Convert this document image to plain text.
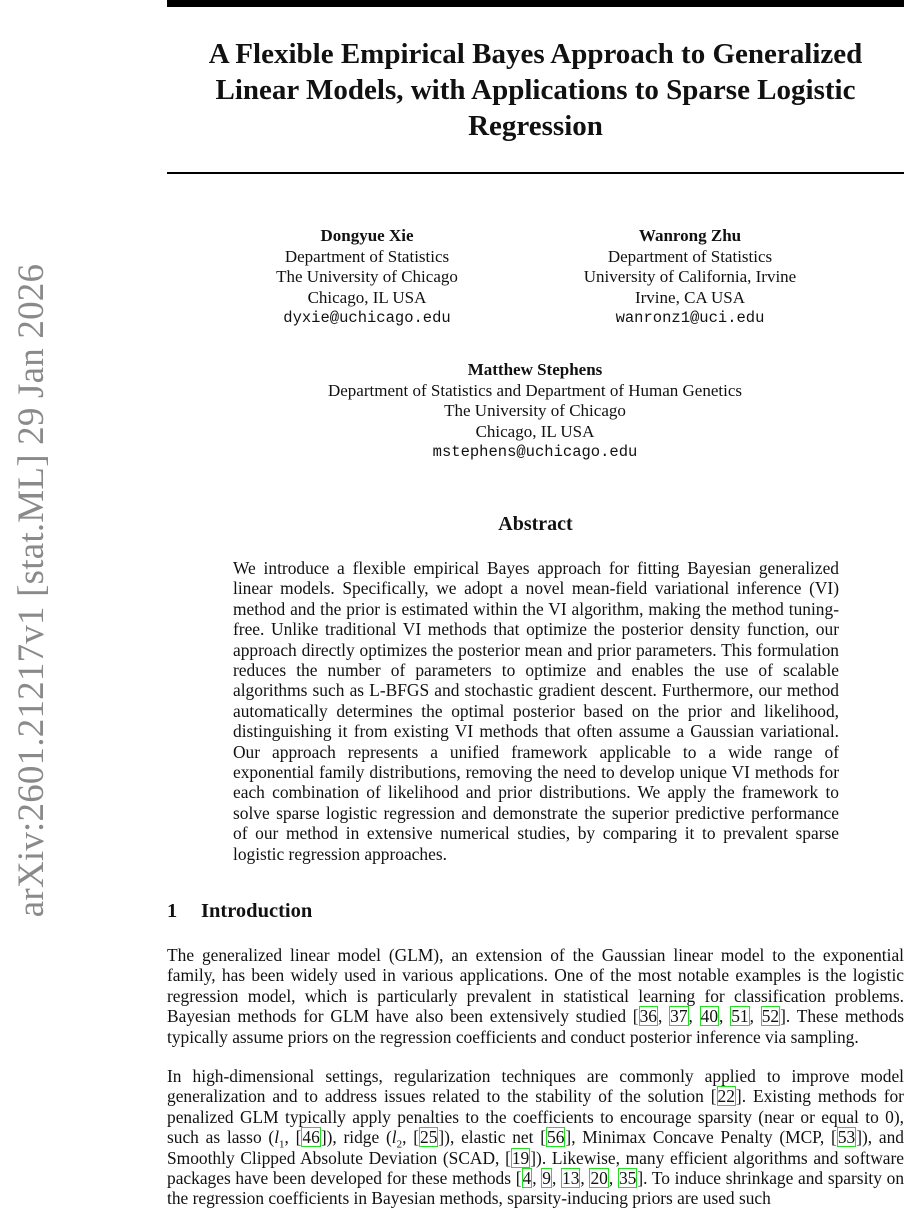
arXiv:2601.21217v1 [stat.ML] 29 Jan 2026
A Flexible Empirical Bayes Approach to Generalized Linear Models, with Applications to Sparse Logistic Regression
Dongyue Xie
Department of Statistics
The University of Chicago
Chicago, IL USA
dyxie@uchicago.edu
Wanrong Zhu
Department of Statistics
University of California, Irvine
Irvine, CA USA
wanronz1@uci.edu
Matthew Stephens
Department of Statistics and Department of Human Genetics
The University of Chicago
Chicago, IL USA
mstephens@uchicago.edu
Abstract

We introduce a flexible empirical Bayes approach for fitting Bayesian generalized linear models. Specifically, we adopt a novel mean-field variational inference (VI) method and the prior is estimated within the VI algorithm, making the method tuning-free. Unlike traditional VI methods that optimize the posterior density function, our approach directly optimizes the posterior mean and prior parameters. This formulation reduces the number of parameters to optimize and enables the use of scalable algorithms such as L-BFGS and stochastic gradient descent. Furthermore, our method automatically determines the optimal posterior based on the prior and likelihood, distinguishing it from existing VI methods that often assume a Gaussian variational. Our approach represents a unified framework applicable to a wide range of exponential family distributions, removing the need to develop unique VI methods for each combination of likelihood and prior distributions. We apply the framework to solve sparse logistic regression and demonstrate the superior predictive performance of our method in extensive numerical studies, by comparing it to prevalent sparse logistic regression approaches.

1 Introduction

The generalized linear model (GLM), an extension of the Gaussian linear model to the exponential family, has been widely used in various applications. One of the most notable examples is the logistic regression model, which is particularly prevalent in statistical learning for classification problems. Bayesian methods for GLM have also been extensively studied [36, 37, 40, 51, 52]. These methods typically assume priors on the regression coefficients and conduct posterior inference via sampling.

In high-dimensional settings, regularization techniques are commonly applied to improve model generalization and to address issues related to the stability of the solution [22]. Existing methods for penalized GLM typically apply penalties to the coefficients to encourage sparsity (near or equal to 0), such as lasso ($l_1$, [46]), ridge ($l_2$, [25]), elastic net [56], Minimax Concave Penalty (MCP, [53]), and Smoothly Clipped Absolute Deviation (SCAD, [19]). Likewise, many efficient algorithms and software packages have been developed for these methods [4, 9, 13, 20, 35]. To induce shrinkage and sparsity on the regression coefficients in Bayesian methods, sparsity-inducing priors are used such
